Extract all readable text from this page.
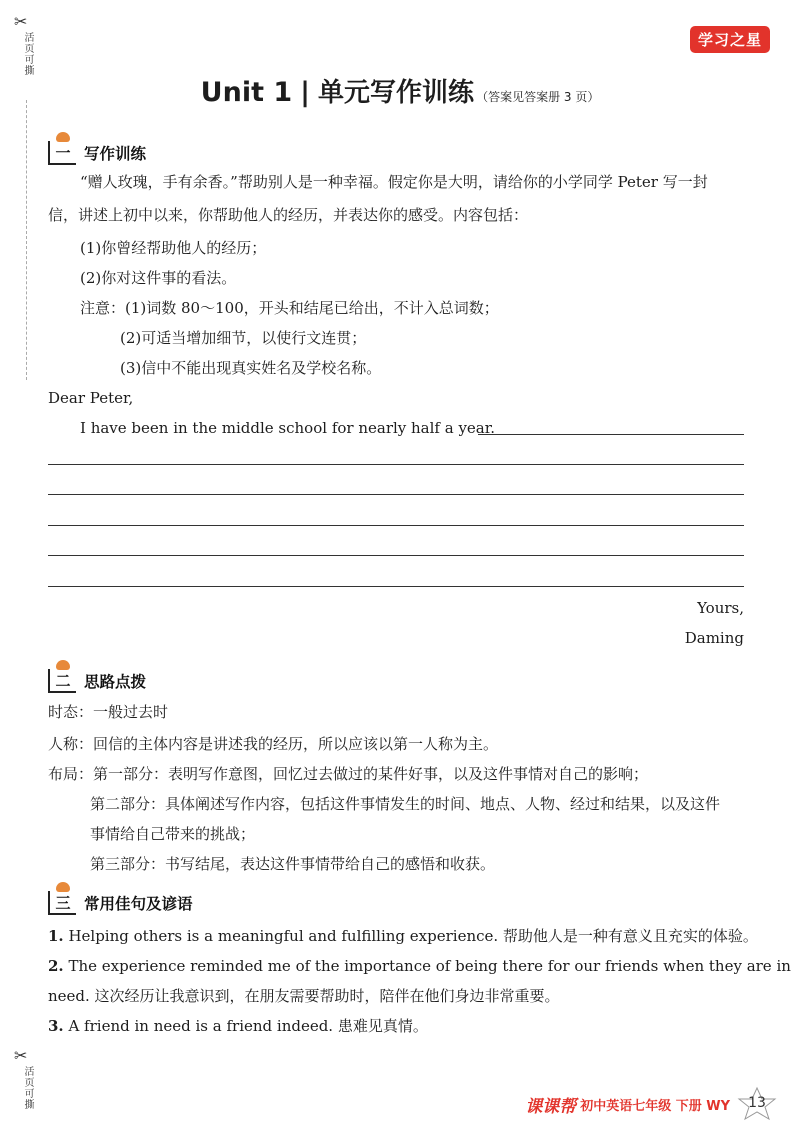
✂
活页可撕
✂
活页可撕
学习之星
Unit 1 | 单元写作训练 （答案见答案册 3 页）
一 写作训练
“赠人玫瑰，手有余香。”帮助别人是一种幸福。假定你是大明，请给你的小学同学 Peter 写一封
信，讲述上初中以来，你帮助他人的经历，并表达你的感受。内容包括：
(1)你曾经帮助他人的经历；
(2)你对这件事的看法。
注意：(1)词数 80～100，开头和结尾已给出，不计入总词数；
(2)可适当增加细节，以使行文连贯；
(3)信中不能出现真实姓名及学校名称。
Dear Peter,
I have been in the middle school for nearly half a year.
Yours,
Daming
二 思路点拨
时态：一般过去时
人称：回信的主体内容是讲述我的经历，所以应该以第一人称为主。
布局：第一部分：表明写作意图，回忆过去做过的某件好事，以及这件事情对自己的影响；
第二部分：具体阐述写作内容，包括这件事情发生的时间、地点、人物、经过和结果，以及这件
事情给自己带来的挑战；
第三部分：书写结尾，表达这件事情带给自己的感悟和收获。
三 常用佳句及谚语
1. Helping others is a meaningful and fulfilling experience. 帮助他人是一种有意义且充实的体验。
2. The experience reminded me of the importance of being there for our friends when they are in
need. 这次经历让我意识到，在朋友需要帮助时，陪伴在他们身边非常重要。
3. A friend in need is a friend indeed. 患难见真情。
课课帮 初中英语七年级 下册 WY	13
